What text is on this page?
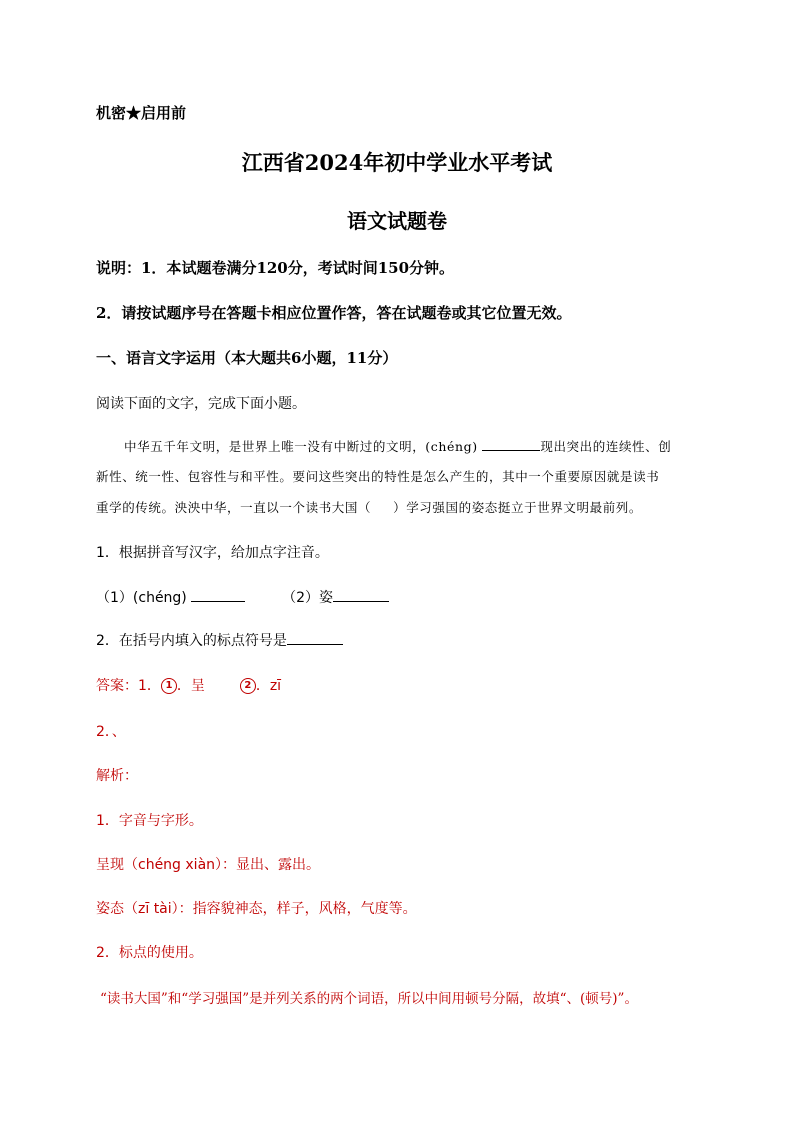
机密★启用前
江西省2024年初中学业水平考试
语文试题卷
说明：1．本试题卷满分120分，考试时间150分钟。
2．请按试题序号在答题卡相应位置作答，答在试题卷或其它位置无效。
一、语言文字运用（本大题共6小题，11分）
阅读下面的文字，完成下面小题。
中华五千年文明，是世界上唯一没有中断过的文明，(chéng)	现出突出的连续性、创
新性、统一性、包容性与和平性。要问这些突出的特性是怎么产生的，其中一个重要原因就是读书
重学的传统。泱泱中华，一直以一个读书大国（ ）学习强国的姿态挺立于世界文明最前列。
1．根据拼音写汉字，给加点字注音。
（1）(chéng)	（2）姿
2．在括号内填入的标点符号是
答案：1． 1 ．呈	2 ．zī
2．、
解析：
1．字音与字形。
呈现（chéng xiàn）：显出、露出。
姿态（zī tài）：指容貌神态，样子，风格，气度等。
2．标点的使用。
“读书大国”和“学习强国”是并列关系的两个词语，所以中间用顿号分隔，故填“、(顿号)”。
